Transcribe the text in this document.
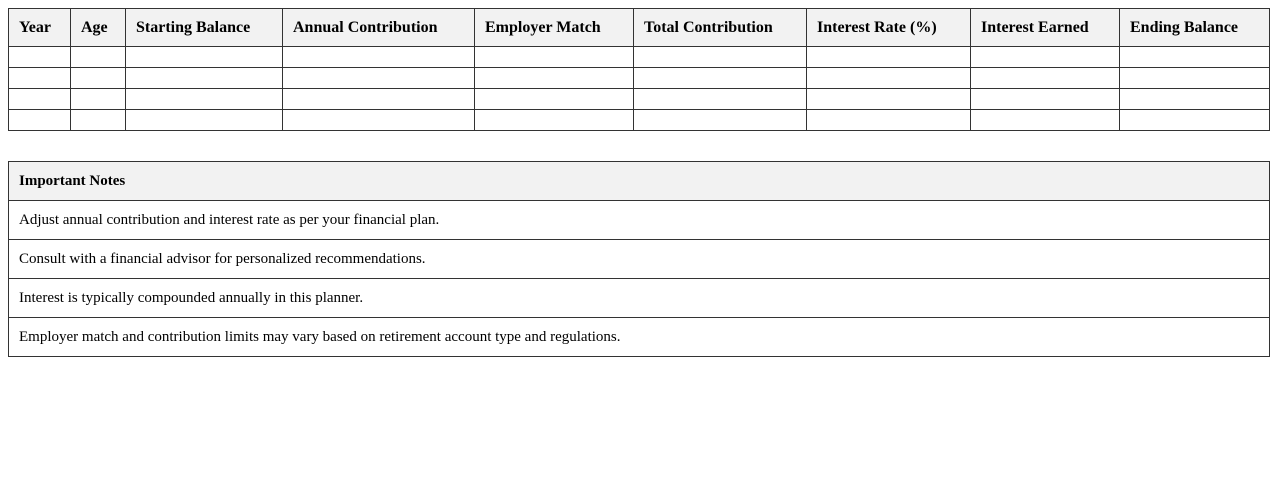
Year	Age	Starting Balance	Annual Contribution	Employer Match	Total Contribution	Interest Rate (%)	Interest Earned	Ending Balance

Important Notes
Adjust annual contribution and interest rate as per your financial plan.
Consult with a financial advisor for personalized recommendations.
Interest is typically compounded annually in this planner.
Employer match and contribution limits may vary based on retirement account type and regulations.
